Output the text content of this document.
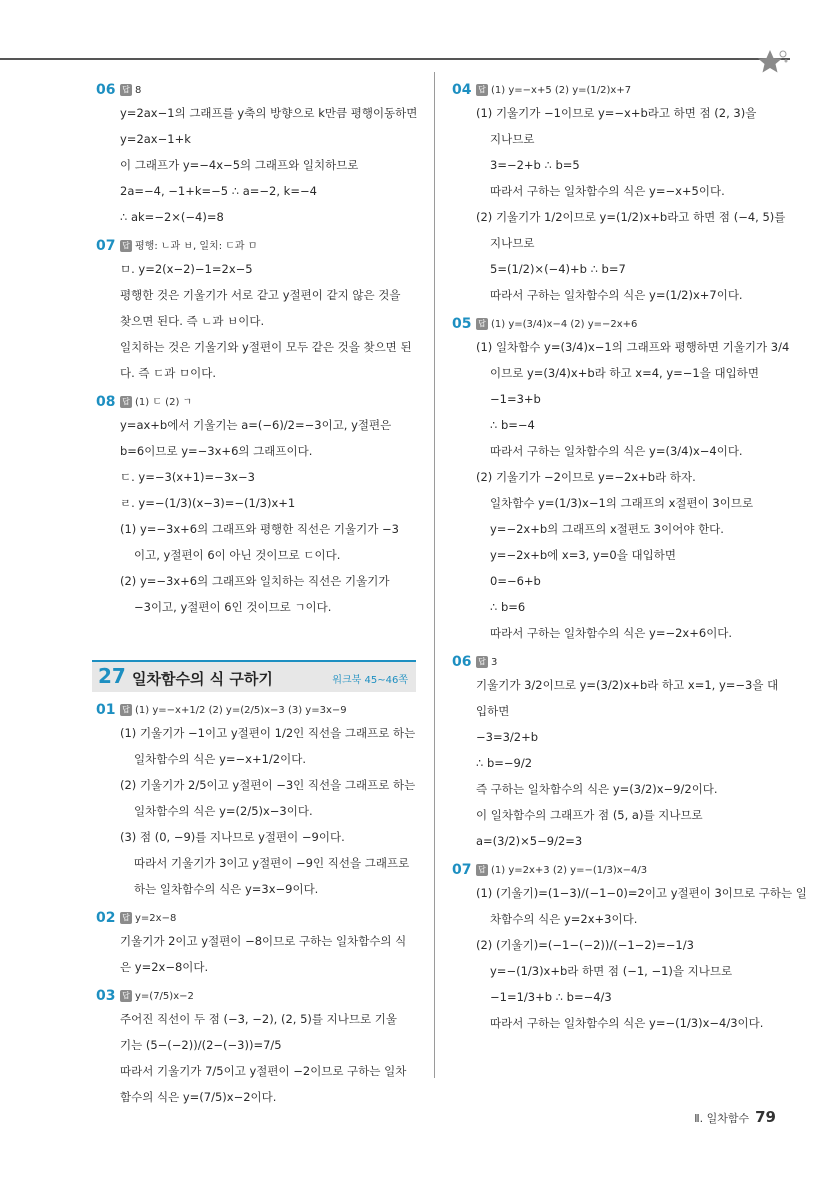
06 답 8
y=2ax−1의 그래프를 y축의 방향으로 k만큼 평행이동하면
y=2ax−1+k
이 그래프가 y=−4x−5의 그래프와 일치하므로
2a=−4, −1+k=−5 ∴ a=−2, k=−4
∴ ak=−2×(−4)=8
07 답 평행: ㄴ과 ㅂ, 일치: ㄷ과 ㅁ
ㅁ. y=2(x−2)−1=2x−5
평행한 것은 기울기가 서로 같고 y절편이 같지 않은 것을
찾으면 된다. 즉 ㄴ과 ㅂ이다.
일치하는 것은 기울기와 y절편이 모두 같은 것을 찾으면 된
다. 즉 ㄷ과 ㅁ이다.
08 답 (1) ㄷ (2) ㄱ
y=ax+b에서 기울기는 a=(−6)/2=−3이고, y절편은
b=6이므로 y=−3x+6의 그래프이다.
ㄷ. y=−3(x+1)=−3x−3
ㄹ. y=−(1/3)(x−3)=−(1/3)x+1
(1) y=−3x+6의 그래프와 평행한 직선은 기울기가 −3
이고, y절편이 6이 아닌 것이므로 ㄷ이다.
(2) y=−3x+6의 그래프와 일치하는 직선은 기울기가
−3이고, y절편이 6인 것이므로 ㄱ이다.
27 일차함수의 식 구하기	워크북 45~46쪽
01 답 (1) y=−x+1/2 (2) y=(2/5)x−3 (3) y=3x−9
(1) 기울기가 −1이고 y절편이 1/2인 직선을 그래프로 하는
일차함수의 식은 y=−x+1/2이다.
(2) 기울기가 2/5이고 y절편이 −3인 직선을 그래프로 하는
일차함수의 식은 y=(2/5)x−3이다.
(3) 점 (0, −9)를 지나므로 y절편이 −9이다.
따라서 기울기가 3이고 y절편이 −9인 직선을 그래프로
하는 일차함수의 식은 y=3x−9이다.
02 답 y=2x−8
기울기가 2이고 y절편이 −8이므로 구하는 일차함수의 식
은 y=2x−8이다.
03 답 y=(7/5)x−2
주어진 직선이 두 점 (−3, −2), (2, 5)를 지나므로 기울
기는 (5−(−2))/(2−(−3))=7/5
따라서 기울기가 7/5이고 y절편이 −2이므로 구하는 일차
함수의 식은 y=(7/5)x−2이다.
04 답 (1) y=−x+5 (2) y=(1/2)x+7
(1) 기울기가 −1이므로 y=−x+b라고 하면 점 (2, 3)을
지나므로
3=−2+b ∴ b=5
따라서 구하는 일차함수의 식은 y=−x+5이다.
(2) 기울기가 1/2이므로 y=(1/2)x+b라고 하면 점 (−4, 5)를
지나므로
5=(1/2)×(−4)+b ∴ b=7
따라서 구하는 일차함수의 식은 y=(1/2)x+7이다.
05 답 (1) y=(3/4)x−4 (2) y=−2x+6
(1) 일차함수 y=(3/4)x−1의 그래프와 평행하면 기울기가 3/4
이므로 y=(3/4)x+b라 하고 x=4, y=−1을 대입하면
−1=3+b
∴ b=−4
따라서 구하는 일차함수의 식은 y=(3/4)x−4이다.
(2) 기울기가 −2이므로 y=−2x+b라 하자.
일차함수 y=(1/3)x−1의 그래프의 x절편이 3이므로
y=−2x+b의 그래프의 x절편도 3이어야 한다.
y=−2x+b에 x=3, y=0을 대입하면
0=−6+b
∴ b=6
따라서 구하는 일차함수의 식은 y=−2x+6이다.
06 답 3
기울기가 3/2이므로 y=(3/2)x+b라 하고 x=1, y=−3을 대
입하면
−3=3/2+b
∴ b=−9/2
즉 구하는 일차함수의 식은 y=(3/2)x−9/2이다.
이 일차함수의 그래프가 점 (5, a)를 지나므로
a=(3/2)×5−9/2=3
07 답 (1) y=2x+3 (2) y=−(1/3)x−4/3
(1) (기울기)=(1−3)/(−1−0)=2이고 y절편이 3이므로 구하는 일
차함수의 식은 y=2x+3이다.
(2) (기울기)=(−1−(−2))/(−1−2)=−1/3
y=−(1/3)x+b라 하면 점 (−1, −1)을 지나므로
−1=1/3+b ∴ b=−4/3
따라서 구하는 일차함수의 식은 y=−(1/3)x−4/3이다.
Ⅱ. 일차함수 79
